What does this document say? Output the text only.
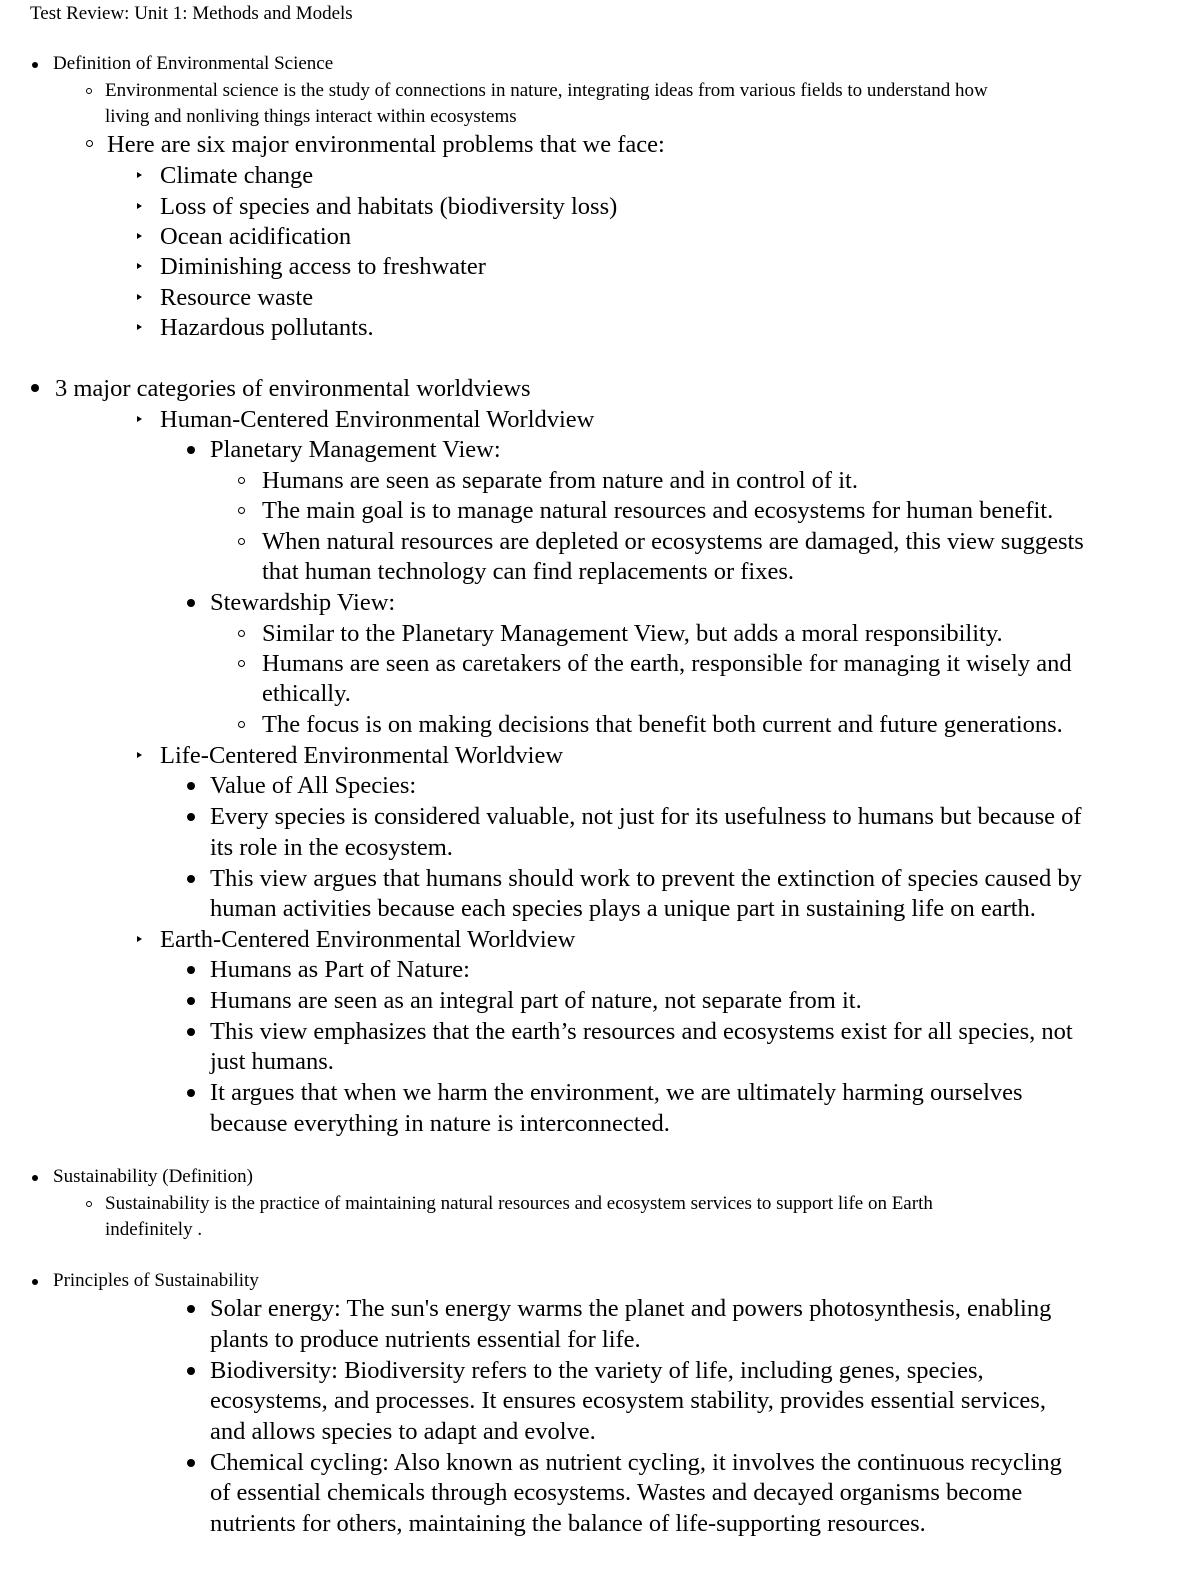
Test Review: Unit 1: Methods and Models

Definition of Environmental Science

Environmental science is the study of connections in nature, integrating ideas from various fields to understand how

living and nonliving things interact within ecosystems

Here are six major environmental problems that we face:

Climate change

Loss of species and habitats (biodiversity loss)

Ocean acidification

Diminishing access to freshwater

Resource waste

Hazardous pollutants.

3 major categories of environmental worldviews

Human-Centered Environmental Worldview

Planetary Management View:

Humans are seen as separate from nature and in control of it.

The main goal is to manage natural resources and ecosystems for human benefit.

When natural resources are depleted or ecosystems are damaged, this view suggests

that human technology can find replacements or fixes.

Stewardship View:

Similar to the Planetary Management View, but adds a moral responsibility.

Humans are seen as caretakers of the earth, responsible for managing it wisely and

ethically.

The focus is on making decisions that benefit both current and future generations.

Life-Centered Environmental Worldview

Value of All Species:

Every species is considered valuable, not just for its usefulness to humans but because of

its role in the ecosystem.

This view argues that humans should work to prevent the extinction of species caused by

human activities because each species plays a unique part in sustaining life on earth.

Earth-Centered Environmental Worldview

Humans as Part of Nature:

Humans are seen as an integral part of nature, not separate from it.

This view emphasizes that the earth’s resources and ecosystems exist for all species, not

just humans.

It argues that when we harm the environment, we are ultimately harming ourselves

because everything in nature is interconnected.

Sustainability (Definition)

Sustainability is the practice of maintaining natural resources and ecosystem services to support life on Earth

indefinitely .

Principles of Sustainability

Solar energy: The sun's energy warms the planet and powers photosynthesis, enabling

plants to produce nutrients essential for life.

Biodiversity: Biodiversity refers to the variety of life, including genes, species,

ecosystems, and processes. It ensures ecosystem stability, provides essential services,

and allows species to adapt and evolve.

Chemical cycling: Also known as nutrient cycling, it involves the continuous recycling

of essential chemicals through ecosystems. Wastes and decayed organisms become

nutrients for others, maintaining the balance of life-supporting resources.
